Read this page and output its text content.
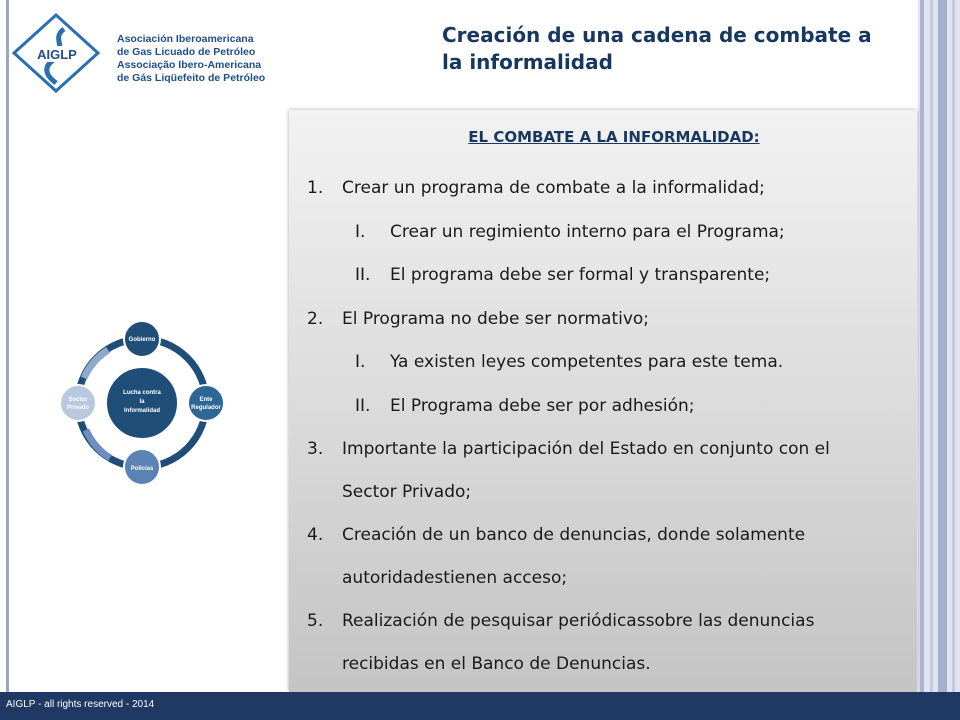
AIGLP
Asociación Iberoamericana
de Gas Licuado de Petróleo
Associação Ibero-Americana
de Gás Liqüefeito de Petróleo
Creación de una cadena de combate a
la informalidad
Lucha contra
la
Informalidad
Gobierno
Ente
Regulador
Policías
Sector
Privado
EL COMBATE A LA INFORMALIDAD:
1. Crear un programa de combate a la informalidad;
I. Crear un regimiento interno para el Programa;
II. El programa debe ser formal y transparente;
2. El Programa no debe ser normativo;
I. Ya existen leyes competentes para este tema.
II. El Programa debe ser por adhesión;
3. Importante la participación del Estado en conjunto con el
Sector Privado;
4. Creación de un banco de denuncias, donde solamente
autoridadestienen acceso;
5. Realización de pesquisar periódicassobre las denuncias
recibidas en el Banco de Denuncias.
AIGLP - all rights reserved - 2014
